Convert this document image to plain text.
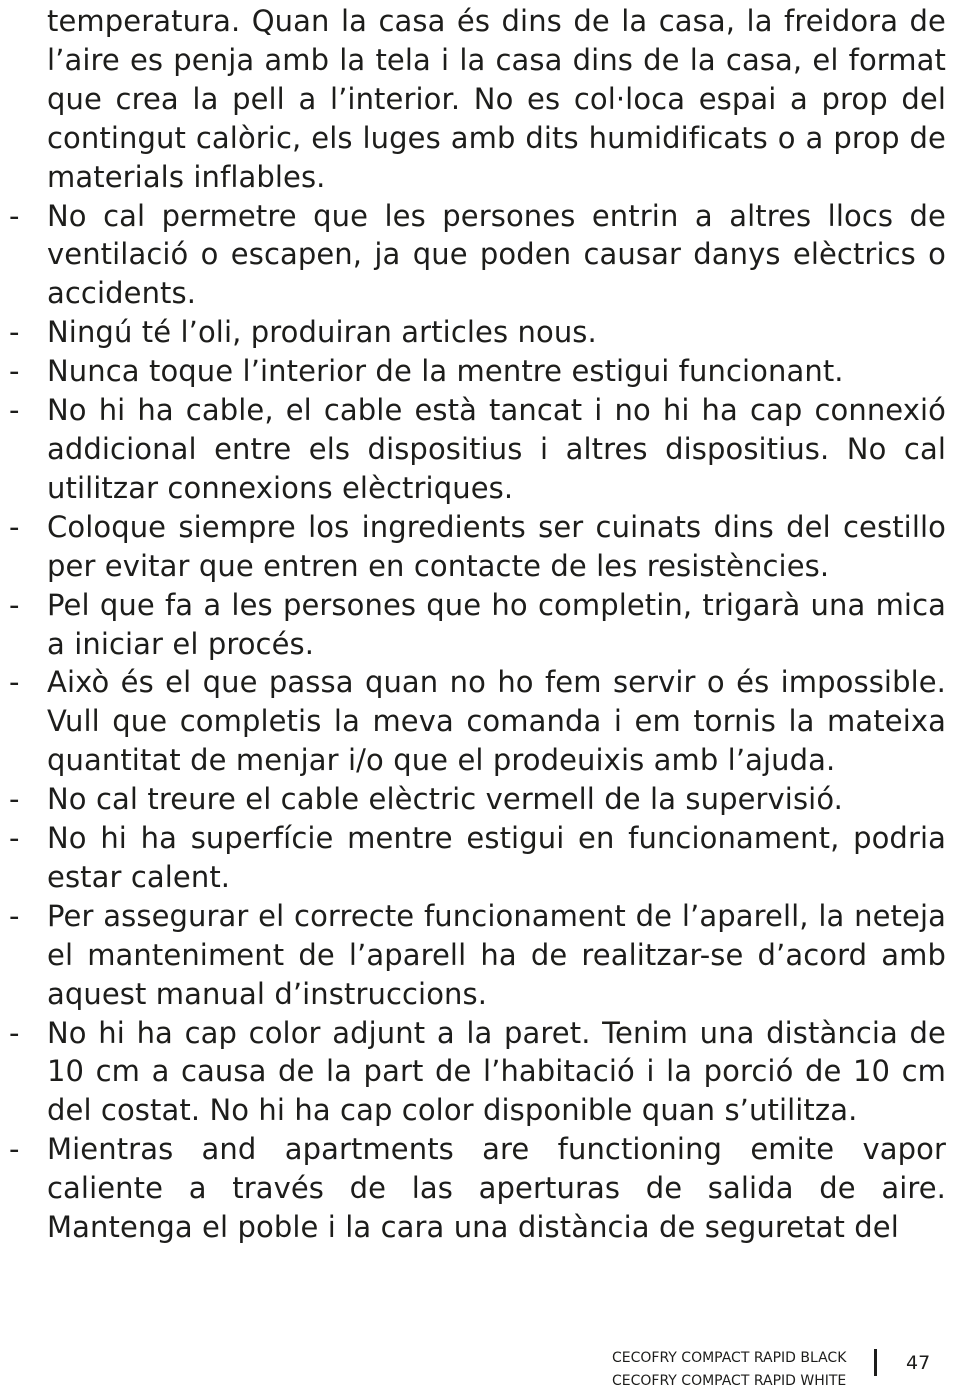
temperatura. Quan la casa és dins de la casa, la freidora de l’aire es penja amb la tela i la casa dins de la casa, el format que crea la pell a l’interior. No es col·loca espai a prop del contingut calòric, els luges amb dits humidificats o a prop de materials inflables.
- No cal permetre que les persones entrin a altres llocs de ventilació o escapen, ja que poden causar danys elèctrics o accidents.
- Ningú té l’oli, produiran articles nous.
- Nunca toque l’interior de la mentre estigui funcionant.
- No hi ha cable, el cable està tancat i no hi ha cap connexió addicional entre els dispositius i altres dispositius. No cal utilitzar connexions elèctriques.
- Coloque siempre los ingredients ser cuinats dins del cestillo per evitar que entren en contacte de les resistències.
- Pel que fa a les persones que ho completin, trigarà una mica a iniciar el procés.
- Això és el que passa quan no ho fem servir o és impossible. Vull que completis la meva comanda i em tornis la mateixa quantitat de menjar i/o que el prodeuixis amb l’ajuda.
- No cal treure el cable elèctric vermell de la supervisió.
- No hi ha superfície mentre estigui en funcionament, podria estar calent.
- Per assegurar el correcte funcionament de l’aparell, la neteja el manteniment de l’aparell ha de realitzar-se d’acord amb aquest manual d’instruccions.
- No hi ha cap color adjunt a la paret. Tenim una distància de 10 cm a causa de la part de l’habitació i la porció de 10 cm del costat. No hi ha cap color disponible quan s’utilitza.
- Mientras and apartments are functioning emite vapor caliente a través de las aperturas de salida de aire. Mantenga el poble i la cara una distància de seguretat del
CECOFRY COMPACT RAPID BLACK
CECOFRY COMPACT RAPID WHITE
47
